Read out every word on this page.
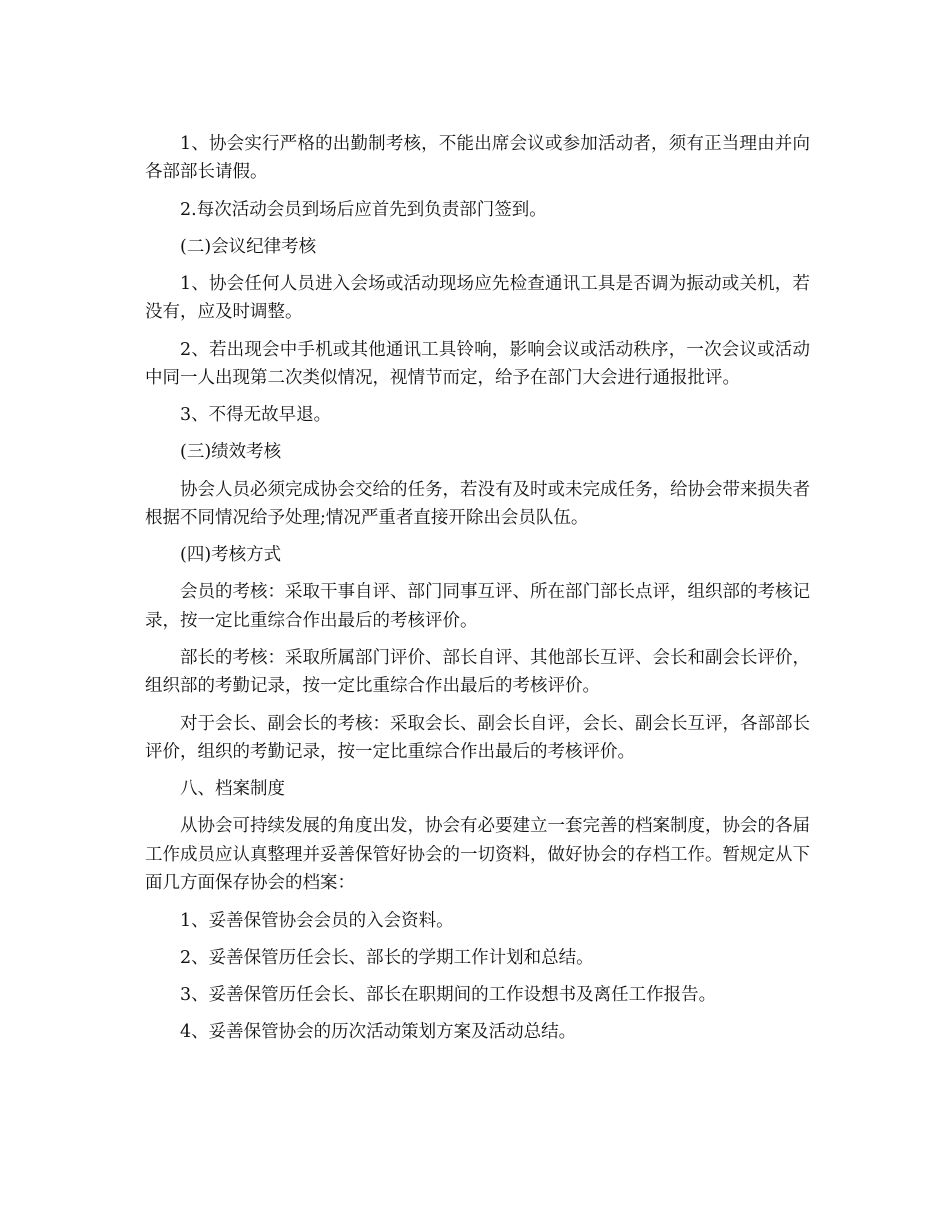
1、协会实行严格的出勤制考核，不能出席会议或参加活动者，须有正当理由并向各部部长请假。

2.每次活动会员到场后应首先到负责部门签到。

(二)会议纪律考核

1、协会任何人员进入会场或活动现场应先检查通讯工具是否调为振动或关机，若没有，应及时调整。

2、若出现会中手机或其他通讯工具铃响，影响会议或活动秩序，一次会议或活动中同一人出现第二次类似情况，视情节而定，给予在部门大会进行通报批评。

3、不得无故早退。

(三)绩效考核

协会人员必须完成协会交给的任务，若没有及时或未完成任务，给协会带来损失者根据不同情况给予处理;情况严重者直接开除出会员队伍。

(四)考核方式

会员的考核：采取干事自评、部门同事互评、所在部门部长点评，组织部的考核记录，按一定比重综合作出最后的考核评价。

部长的考核：采取所属部门评价、部长自评、其他部长互评、会长和副会长评价，组织部的考勤记录，按一定比重综合作出最后的考核评价。

对于会长、副会长的考核：采取会长、副会长自评，会长、副会长互评，各部部长评价，组织的考勤记录，按一定比重综合作出最后的考核评价。

八、档案制度

从协会可持续发展的角度出发，协会有必要建立一套完善的档案制度，协会的各届工作成员应认真整理并妥善保管好协会的一切资料，做好协会的存档工作。暂规定从下面几方面保存协会的档案：

1、妥善保管协会会员的入会资料。

2、妥善保管历任会长、部长的学期工作计划和总结。

3、妥善保管历任会长、部长在职期间的工作设想书及离任工作报告。

4、妥善保管协会的历次活动策划方案及活动总结。
